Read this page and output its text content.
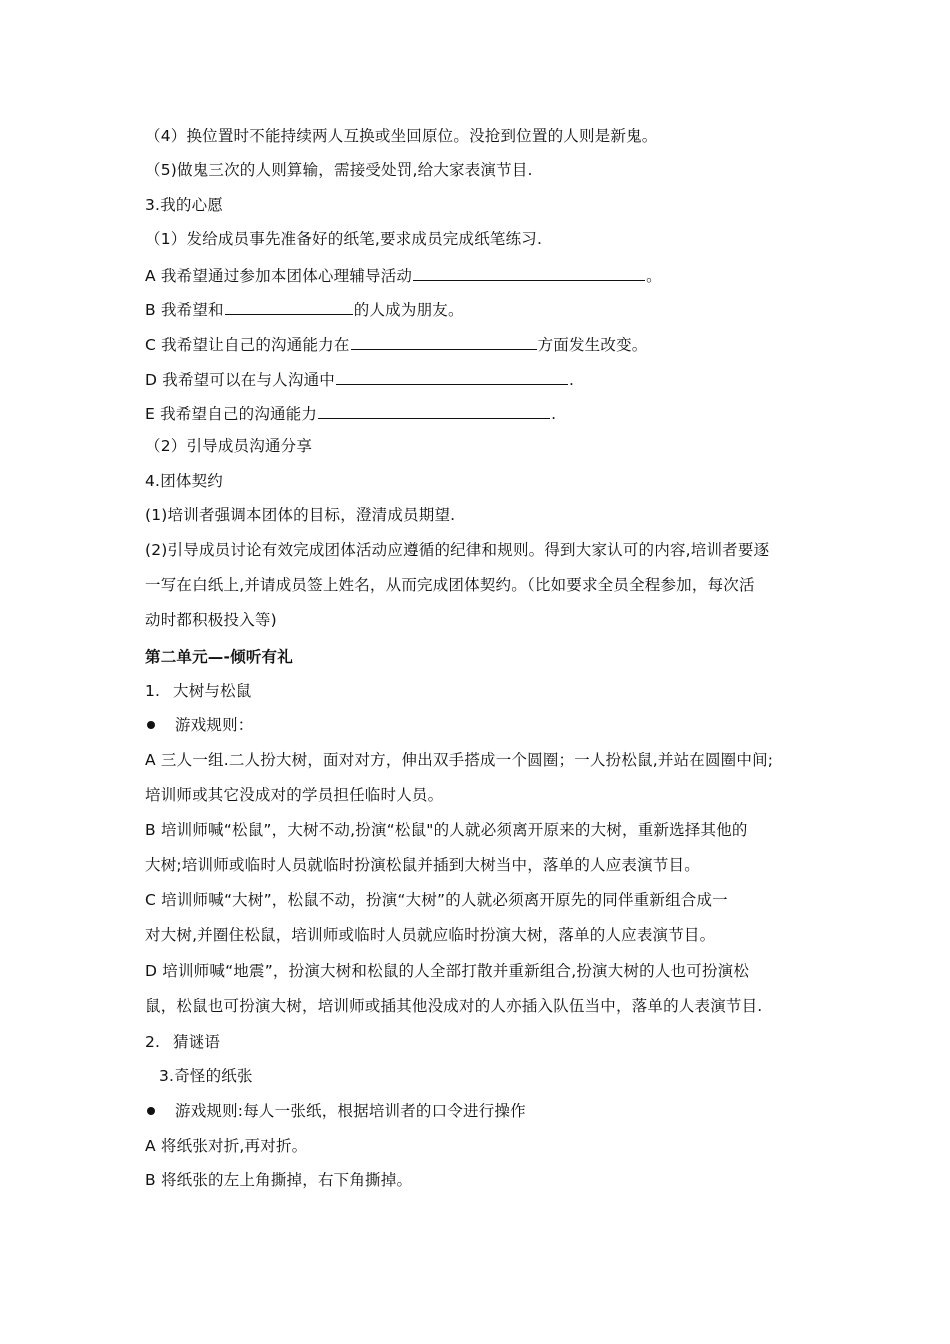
（4）换位置时不能持续两人互换或坐回原位。没抢到位置的人则是新鬼。
（5)做鬼三次的人则算输，需接受处罚,给大家表演节目.
3.我的心愿
（1）发给成员事先准备好的纸笔,要求成员完成纸笔练习.
A 我希望通过参加本团体心理辅导活动	。
B 我希望和	的人成为朋友。
C 我希望让自己的沟通能力在	方面发生改变。
D 我希望可以在与人沟通中	.
E 我希望自己的沟通能力	.
（2）引导成员沟通分享
4.团体契约
(1)培训者强调本团体的目标，澄清成员期望.
(2)引导成员讨论有效完成团体活动应遵循的纪律和规则。得到大家认可的内容,培训者要逐
一写在白纸上,并请成员签上姓名，从而完成团体契约。（比如要求全员全程参加，每次活
动时都积极投入等)
第二单元—-倾听有礼
1. 大树与松鼠
游戏规则：
A 三人一组.二人扮大树，面对对方，伸出双手搭成一个圆圈；一人扮松鼠,并站在圆圈中间;
培训师或其它没成对的学员担任临时人员。
B 培训师喊“松鼠”，大树不动,扮演“松鼠"的人就必须离开原来的大树，重新选择其他的
大树;培训师或临时人员就临时扮演松鼠并插到大树当中，落单的人应表演节目。
C 培训师喊“大树”，松鼠不动，扮演“大树”的人就必须离开原先的同伴重新组合成一
对大树,并圈住松鼠，培训师或临时人员就应临时扮演大树，落单的人应表演节目。
D 培训师喊“地震”，扮演大树和松鼠的人全部打散并重新组合,扮演大树的人也可扮演松
鼠，松鼠也可扮演大树，培训师或插其他没成对的人亦插入队伍当中，落单的人表演节目.
2. 猜谜语
3.奇怪的纸张
游戏规则:每人一张纸，根据培训者的口令进行操作
A 将纸张对折,再对折。
B 将纸张的左上角撕掉，右下角撕掉。
